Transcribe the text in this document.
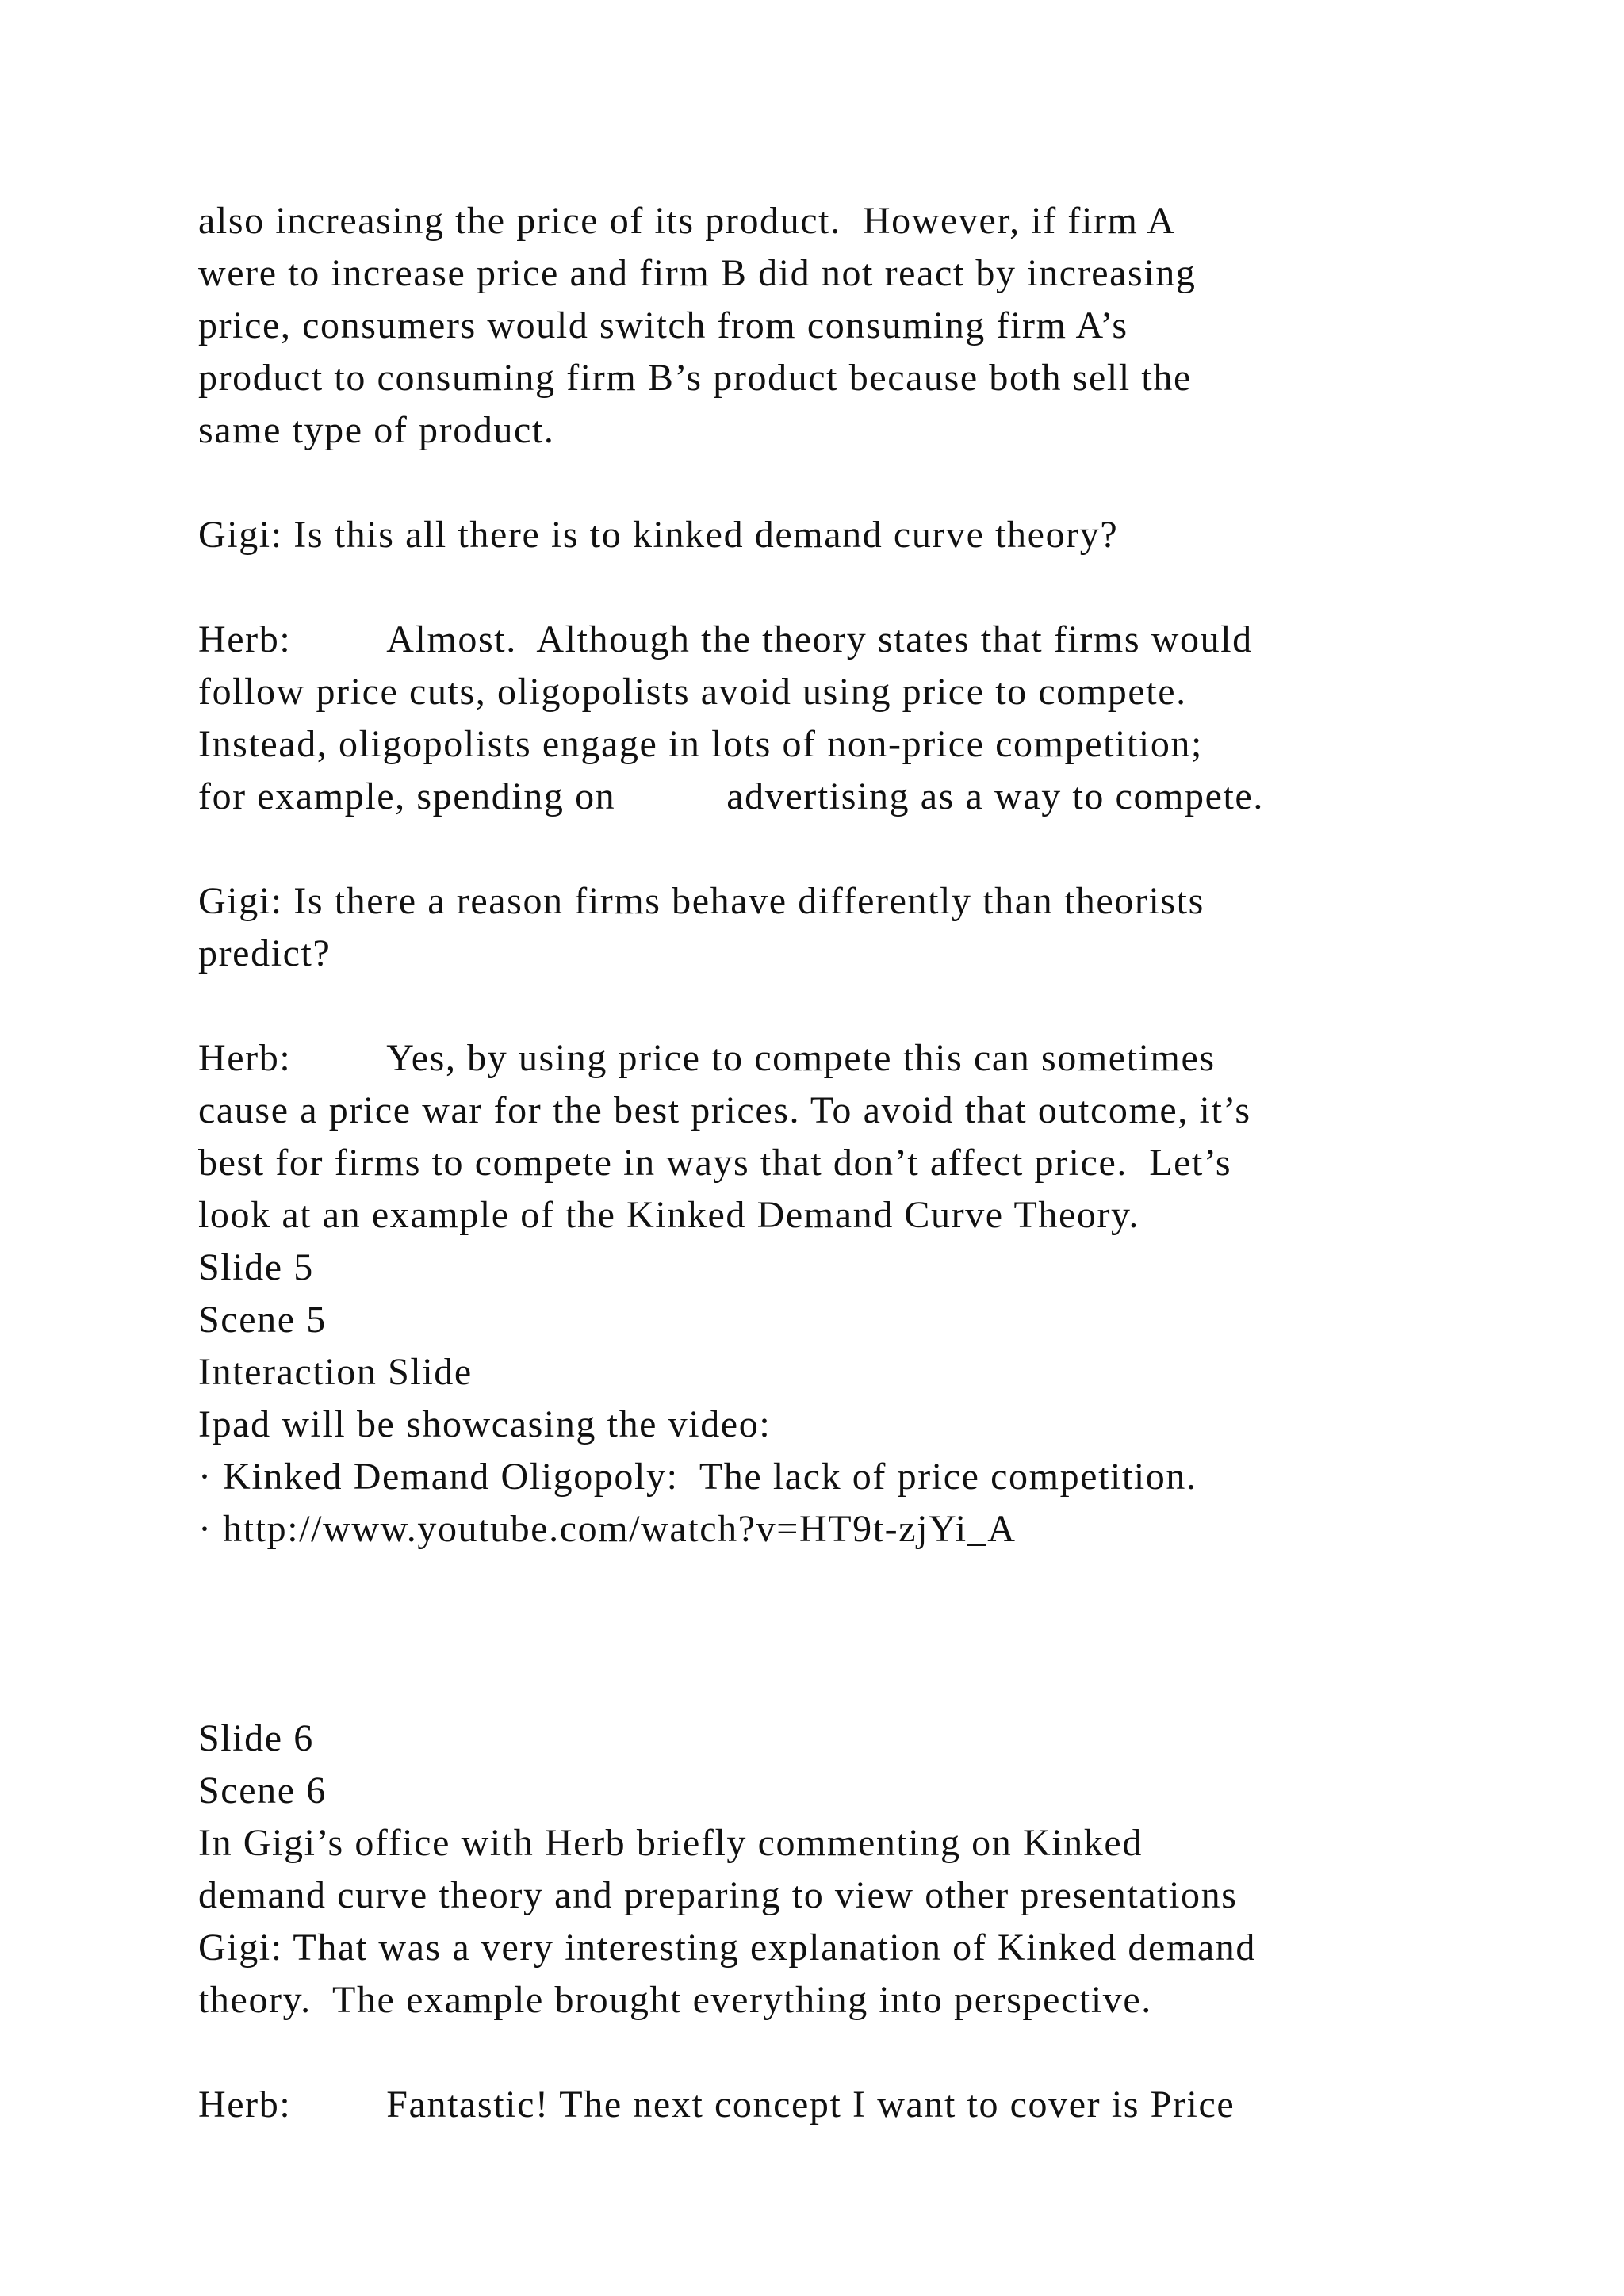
also increasing the price of its product.  However, if firm A
were to increase price and firm B did not react by increasing
price, consumers would switch from consuming firm A’s
product to consuming firm B’s product because both sell the
same type of product.
Gigi: Is this all there is to kinked demand curve theory?
Herb:	Almost.  Although the theory states that firms would
follow price cuts, oligopolists avoid using price to compete.
Instead, oligopolists engage in lots of non-price competition;
for example, spending on	advertising as a way to compete.
Gigi: Is there a reason firms behave differently than theorists
predict?
Herb:	Yes, by using price to compete this can sometimes
cause a price war for the best prices. To avoid that outcome, it’s
best for firms to compete in ways that don’t affect price.  Let’s
look at an example of the Kinked Demand Curve Theory.
Slide 5
Scene 5
Interaction Slide
Ipad will be showcasing the video:
· Kinked Demand Oligopoly:  The lack of price competition.
· http://www.youtube.com/watch?v=HT9t-zjYi_A
Slide 6
Scene 6
In Gigi’s office with Herb briefly commenting on Kinked
demand curve theory and preparing to view other presentations
Gigi: That was a very interesting explanation of Kinked demand
theory.  The example brought everything into perspective.
Herb:	Fantastic! The next concept I want to cover is Price
